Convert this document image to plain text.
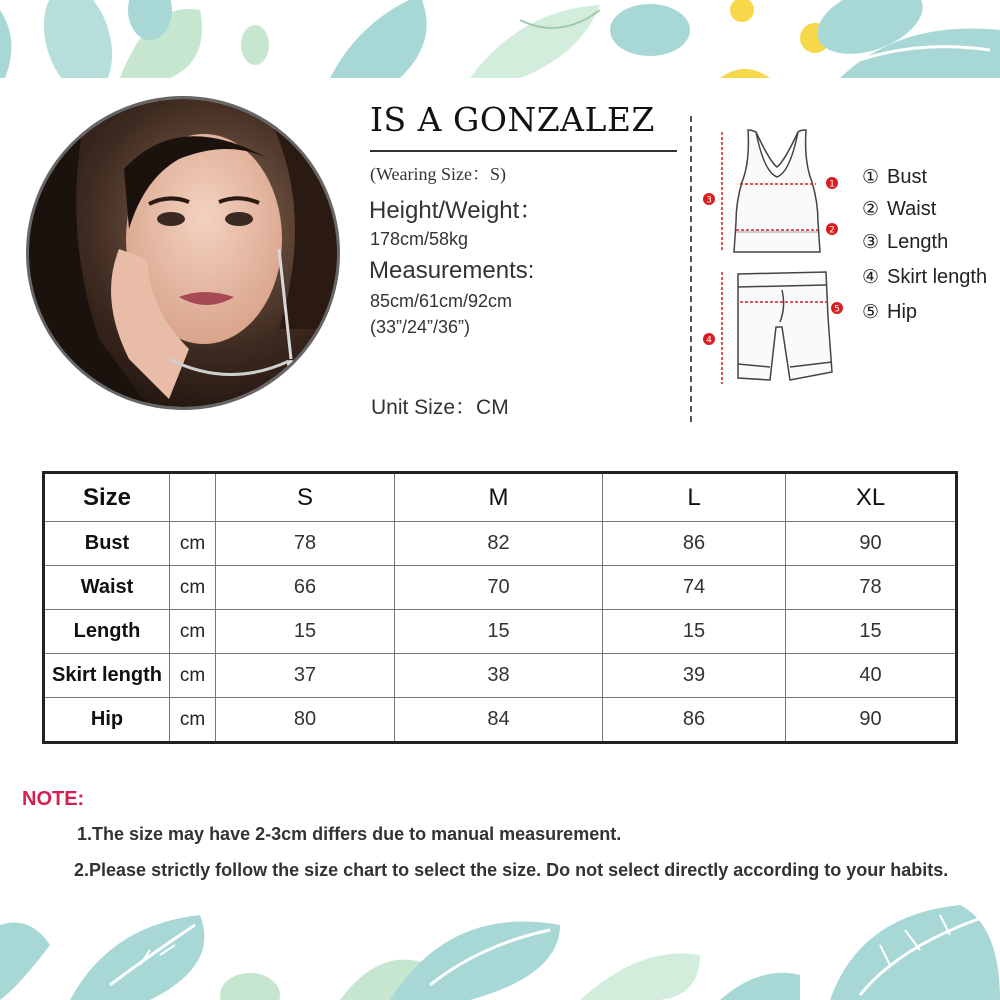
IS A GONZALEZ
(Wearing Size：S)
Height/Weight：
178cm/58kg
Measurements:
85cm/61cm/92cm
(33”/24”/36”)
Unit Size：CM
1
2
3
4
5
① Bust
② Waist
③ Length
④ Skirt length
⑤ Hip
Size		S	M	L	XL
Bust	cm	78	82	86	90
Waist	cm	66	70	74	78
Length	cm	15	15	15	15
Skirt length	cm	37	38	39	40
Hip	cm	80	84	86	90
NOTE:
1.The size may have 2-3cm differs due to manual measurement.
2.Please strictly follow the size chart to select the size. Do not select directly according to your habits.
